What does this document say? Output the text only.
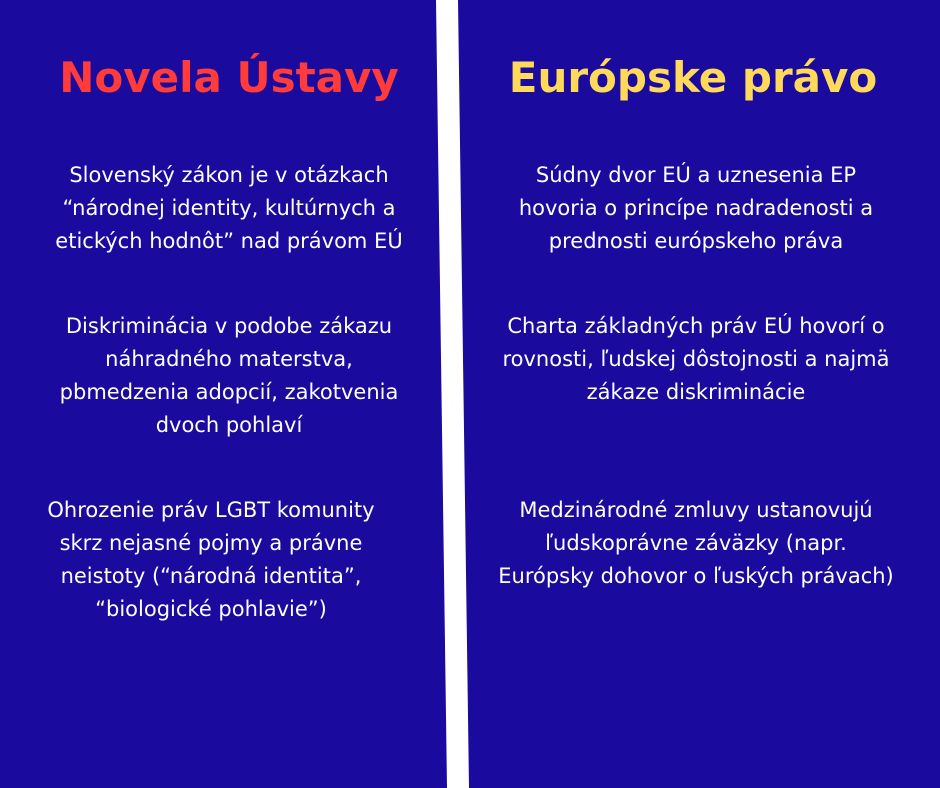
Novela Ústavy	Európske právo
Slovenský zákon je v otázkach
“národnej identity, kultúrnych a
etických hodnôt” nad právom EÚ
Diskriminácia v podobe zákazu
náhradného materstva,
pbmedzenia adopcií, zakotvenia
dvoch pohlaví
Ohrozenie práv LGBT komunity
skrz nejasné pojmy a právne
neistoty (“národná identita”,
“biologické pohlavie”)
Súdny dvor EÚ a uznesenia EP
hovoria o princípe nadradenosti a
prednosti európskeho práva
Charta základných práv EÚ hovorí o
rovnosti, ľudskej dôstojnosti a najmä
zákaze diskriminácie
Medzinárodné zmluvy ustanovujú
ľudskoprávne záväzky (napr.
Európsky dohovor o ľuských právach)
